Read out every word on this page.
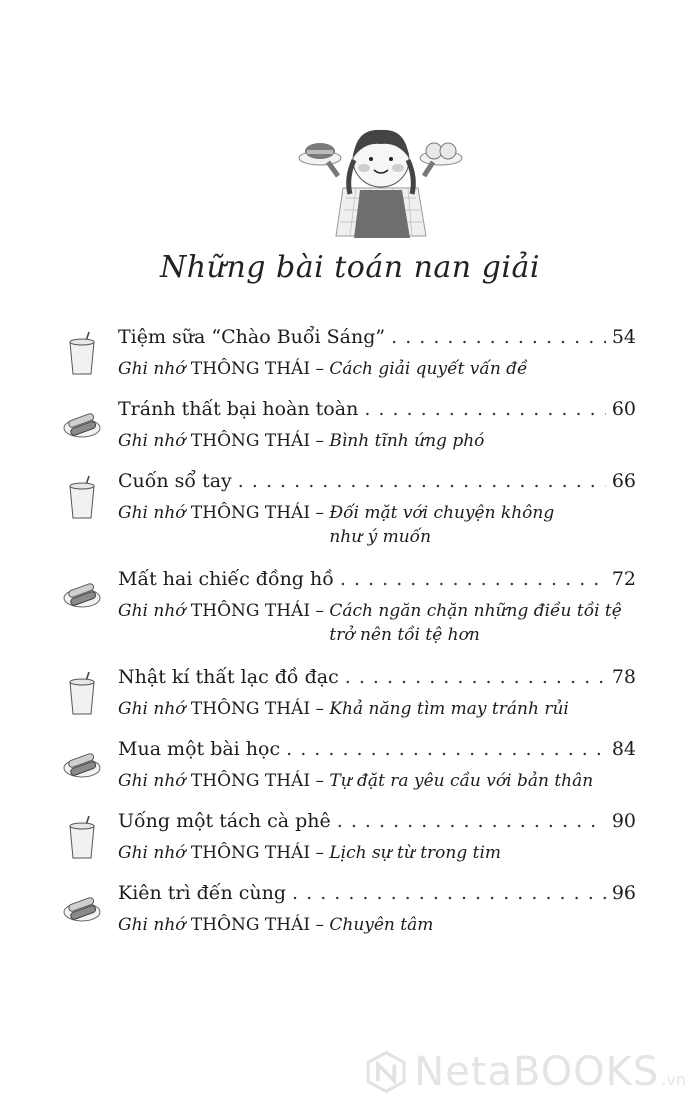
Những bài toán nan giải
Tiệm sữa “Chào Buổi Sáng” . . .	54
Ghi nhớ THÔNG THÁI – Cách giải quyết vấn đề
Tránh thất bại hoàn toàn . . .	60
Ghi nhớ THÔNG THÁI – Bình tĩnh ứng phó
Cuốn sổ tay . . .	66
Ghi nhớ THÔNG THÁI – Đối mặt với chuyện không như ý muốn
Mất hai chiếc đồng hồ . . .	72
Ghi nhớ THÔNG THÁI – Cách ngăn chặn những điều tồi tệ trở nên tồi tệ hơn
Nhật kí thất lạc đồ đạc . . .	78
Ghi nhớ THÔNG THÁI – Khả năng tìm may tránh rủi
Mua một bài học . . .	84
Ghi nhớ THÔNG THÁI – Tự đặt ra yêu cầu với bản thân
Uống một tách cà phê . . .	90
Ghi nhớ THÔNG THÁI – Lịch sự từ trong tim
Kiên trì đến cùng . . .	96
Ghi nhớ THÔNG THÁI – Chuyên tâm
NetaBOOKS .vn
